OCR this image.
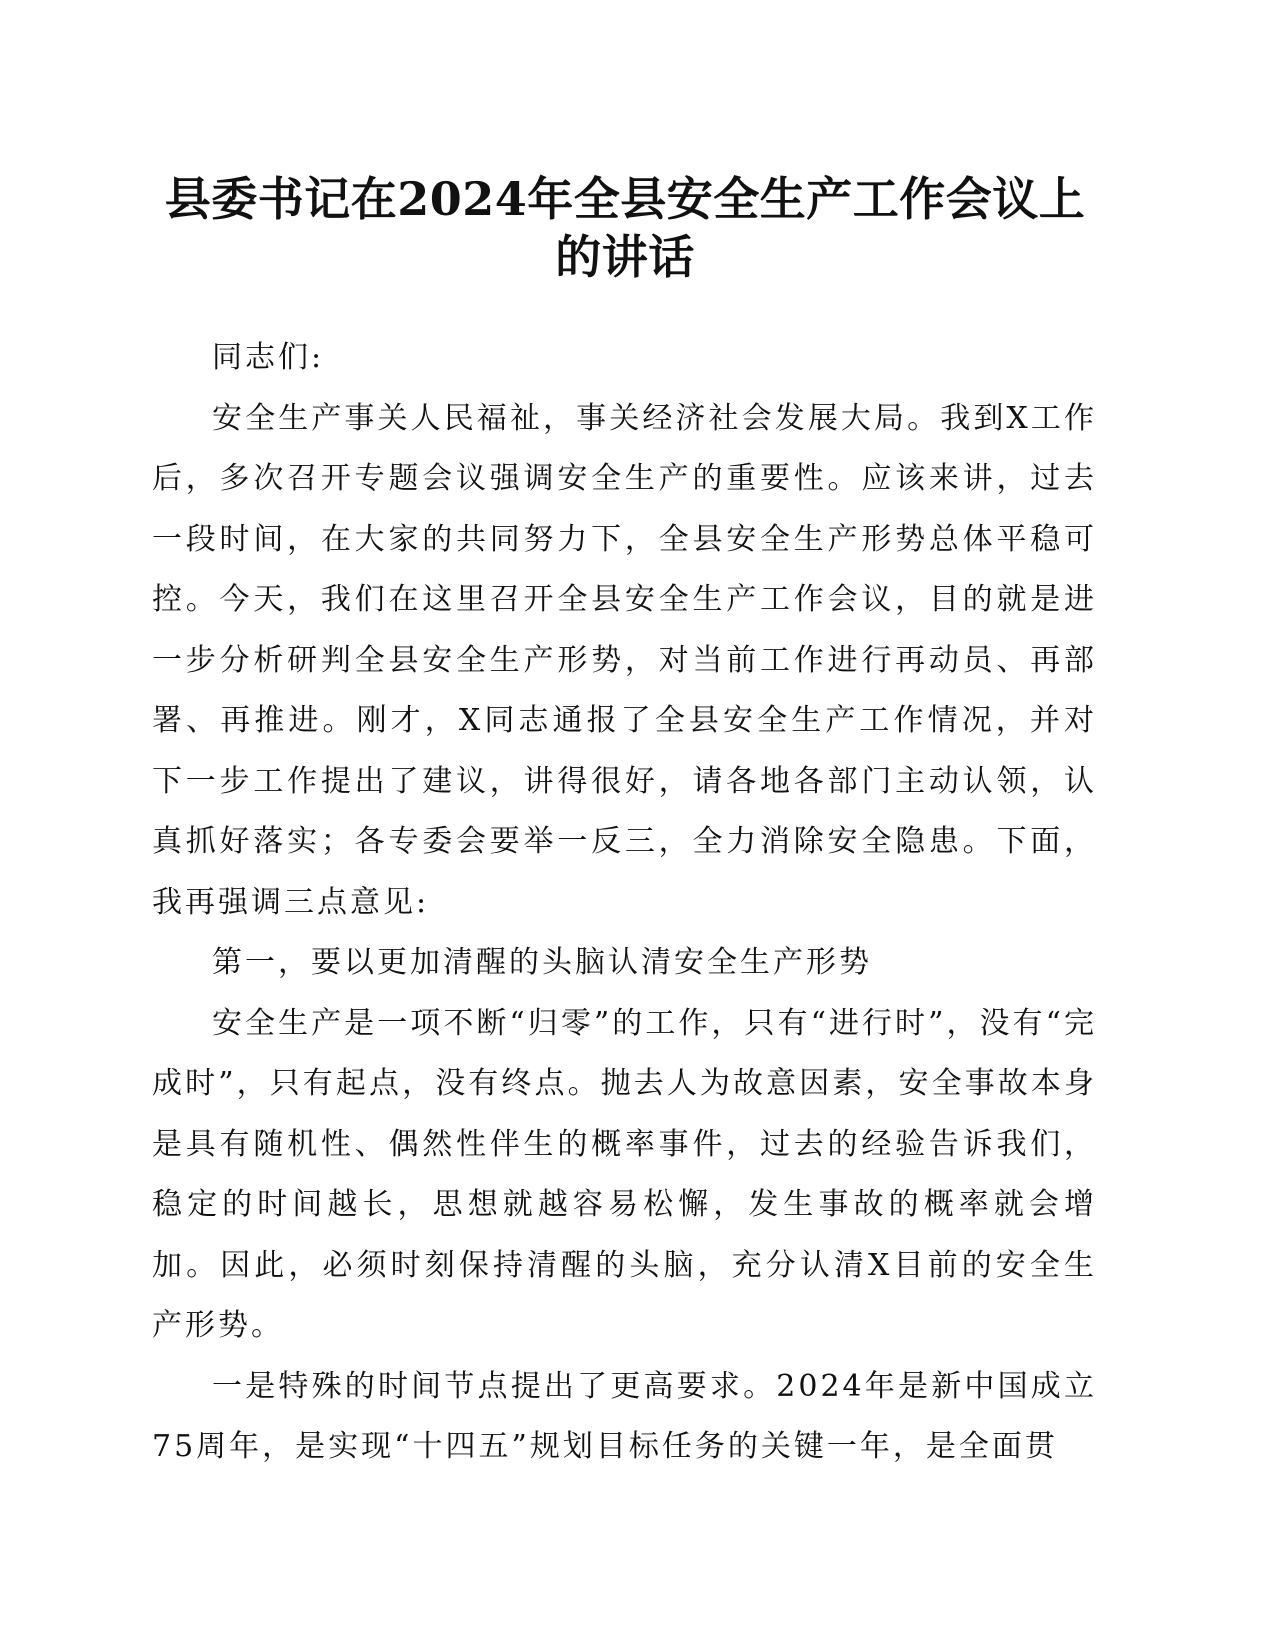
县委书记在2024年全县安全生产工作会议上的讲话

同志们:

安全生产事关人民福祉，事关经济社会发展大局。我到X工作后，多次召开专题会议强调安全生产的重要性。应该来讲，过去一段时间，在大家的共同努力下，全县安全生产形势总体平稳可控。今天，我们在这里召开全县安全生产工作会议，目的就是进一步分析研判全县安全生产形势，对当前工作进行再动员、再部署、再推进。刚才，X同志通报了全县安全生产工作情况，并对下一步工作提出了建议，讲得很好，请各地各部门主动认领，认真抓好落实；各专委会要举一反三，全力消除安全隐患。下面，我再强调三点意见:

第一，要以更加清醒的头脑认清安全生产形势

安全生产是一项不断“归零”的工作，只有“进行时”，没有“完成时”，只有起点，没有终点。抛去人为故意因素，安全事故本身是具有随机性、偶然性伴生的概率事件，过去的经验告诉我们，稳定的时间越长，思想就越容易松懈，发生事故的概率就会增加。因此，必须时刻保持清醒的头脑，充分认清X目前的安全生产形势。

一是特殊的时间节点提出了更高要求。2024年是新中国成立75周年，是实现“十四五”规划目标任务的关键一年，是全面贯
